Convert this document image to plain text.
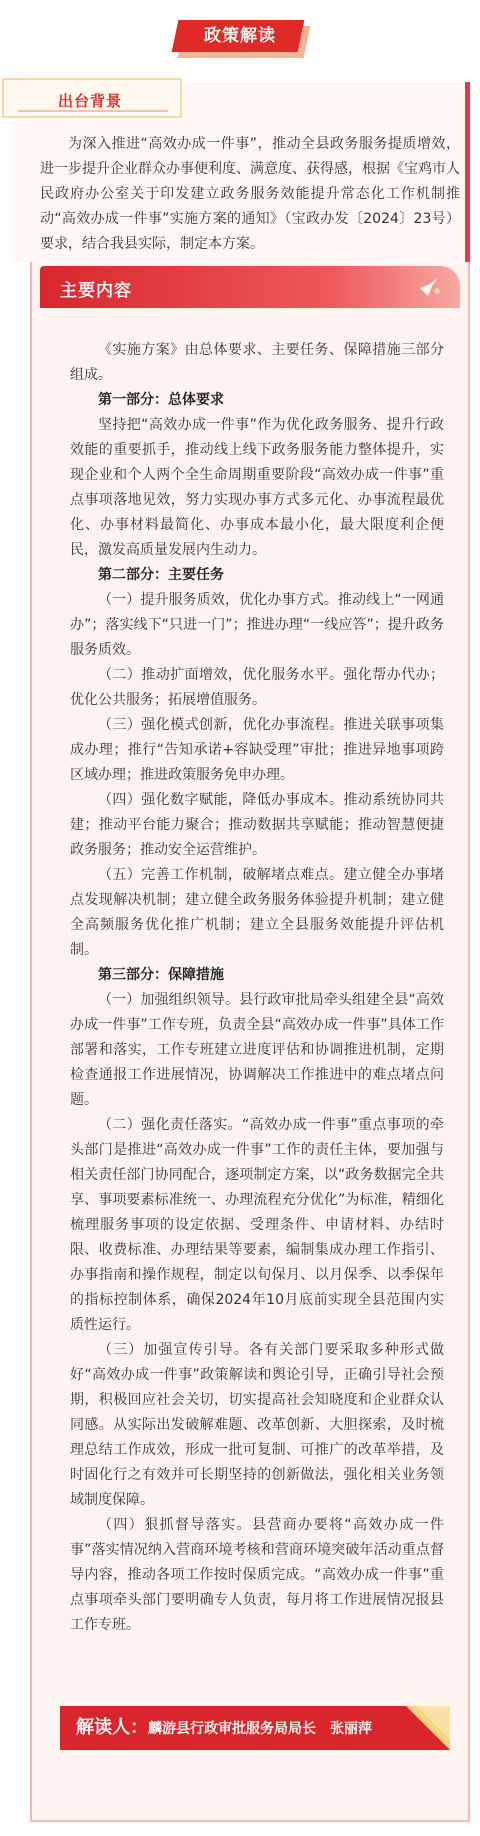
政策解读
出台背景
为深入推进“高效办成一件事”，推动全县政务服务提质增效，进一步提升企业群众办事便利度、满意度、获得感，根据《宝鸡市人民政府办公室关于印发建立政务服务效能提升常态化工作机制推动“高效办成一件事”实施方案的通知》（宝政办发〔2024〕23号）要求，结合我县实际，制定本方案。
主要内容

《实施方案》由总体要求、主要任务、保障措施三部分组成。

第一部分：总体要求

坚持把“高效办成一件事”作为优化政务服务、提升行政效能的重要抓手，推动线上线下政务服务能力整体提升，实现企业和个人两个全生命周期重要阶段“高效办成一件事”重点事项落地见效，努力实现办事方式多元化、办事流程最优化、办事材料最简化、办事成本最小化，最大限度利企便民，激发高质量发展内生动力。

第二部分：主要任务

（一）提升服务质效，优化办事方式。推动线上“一网通办”；落实线下“只进一门”；推进办理“一线应答”；提升政务服务质效。

（二）推动扩面增效，优化服务水平。强化帮办代办；优化公共服务；拓展增值服务。

（三）强化模式创新，优化办事流程。推进关联事项集成办理；推行“告知承诺+容缺受理”审批；推进异地事项跨区域办理；推进政策服务免申办理。

（四）强化数字赋能，降低办事成本。推动系统协同共建；推动平台能力聚合；推动数据共享赋能；推动智慧便捷政务服务；推动安全运营维护。

（五）完善工作机制，破解堵点难点。建立健全办事堵点发现解决机制；建立健全政务服务体验提升机制；建立健全高频服务优化推广机制；建立全县服务效能提升评估机制。

第三部分：保障措施

（一）加强组织领导。县行政审批局牵头组建全县“高效办成一件事”工作专班，负责全县“高效办成一件事”具体工作部署和落实，工作专班建立进度评估和协调推进机制，定期检查通报工作进展情况，协调解决工作推进中的难点堵点问题。

（二）强化责任落实。“高效办成一件事”重点事项的牵头部门是推进“高效办成一件事”工作的责任主体，要加强与相关责任部门协同配合，逐项制定方案，以“政务数据完全共享、事项要素标准统一、办理流程充分优化”为标准，精细化梳理服务事项的设定依据、受理条件、申请材料、办结时限、收费标准、办理结果等要素，编制集成办理工作指引、办事指南和操作规程，制定以旬保月、以月保季、以季保年的指标控制体系，确保2024年10月底前实现全县范围内实质性运行。

（三）加强宣传引导。各有关部门要采取多种形式做好“高效办成一件事”政策解读和舆论引导，正确引导社会预期，积极回应社会关切，切实提高社会知晓度和企业群众认同感。从实际出发破解难题、改革创新、大胆探索，及时梳理总结工作成效，形成一批可复制、可推广的改革举措，及时固化行之有效并可长期坚持的创新做法，强化相关业务领域制度保障。

（四）狠抓督导落实。县营商办要将“高效办成一件事”落实情况纳入营商环境考核和营商环境突破年活动重点督导内容，推动各项工作按时保质完成。“高效办成一件事”重点事项牵头部门要明确专人负责，每月将工作进展情况报县工作专班。

解读人：麟游县行政审批服务局局长　张丽萍
